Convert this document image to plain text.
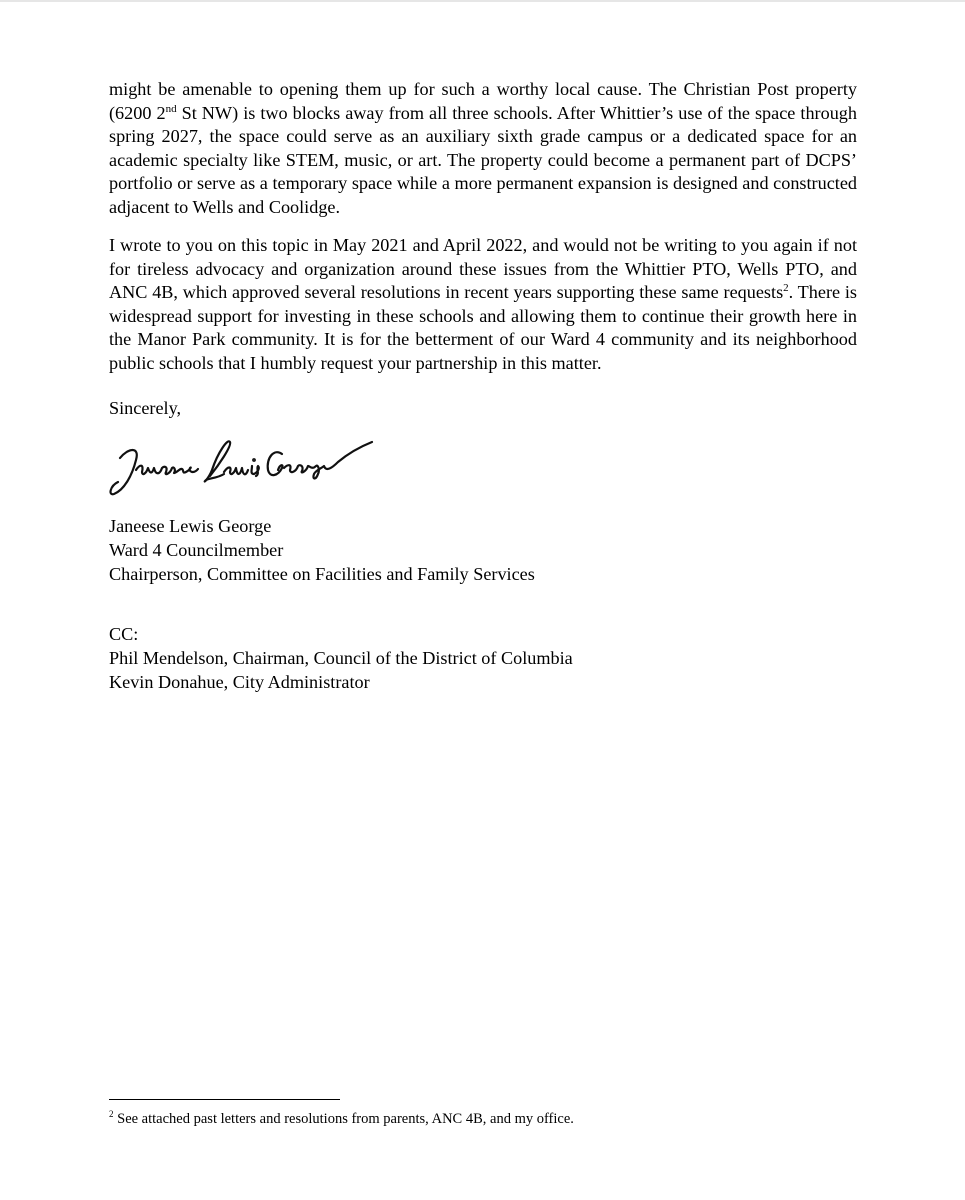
might be amenable to opening them up for such a worthy local cause. The Christian Post property (6200 2nd St NW) is two blocks away from all three schools. After Whittier’s use of the space through spring 2027, the space could serve as an auxiliary sixth grade campus or a dedicated space for an academic specialty like STEM, music, or art. The property could become a permanent part of DCPS’ portfolio or serve as a temporary space while a more permanent expansion is designed and constructed adjacent to Wells and Coolidge.

I wrote to you on this topic in May 2021 and April 2022, and would not be writing to you again if not for tireless advocacy and organization around these issues from the Whittier PTO, Wells PTO, and ANC 4B, which approved several resolutions in recent years supporting these same requests$^2$. There is widespread support for investing in these schools and allowing them to continue their growth here in the Manor Park community. It is for the betterment of our Ward 4 community and its neighborhood public schools that I humbly request your partnership in this matter.

Sincerely,
Janeese Lewis George
Ward 4 Councilmember
Chairperson, Committee on Facilities and Family Services
CC:
Phil Mendelson, Chairman, Council of the District of Columbia
Kevin Donahue, City Administrator
$^2$ See attached past letters and resolutions from parents, ANC 4B, and my office.
